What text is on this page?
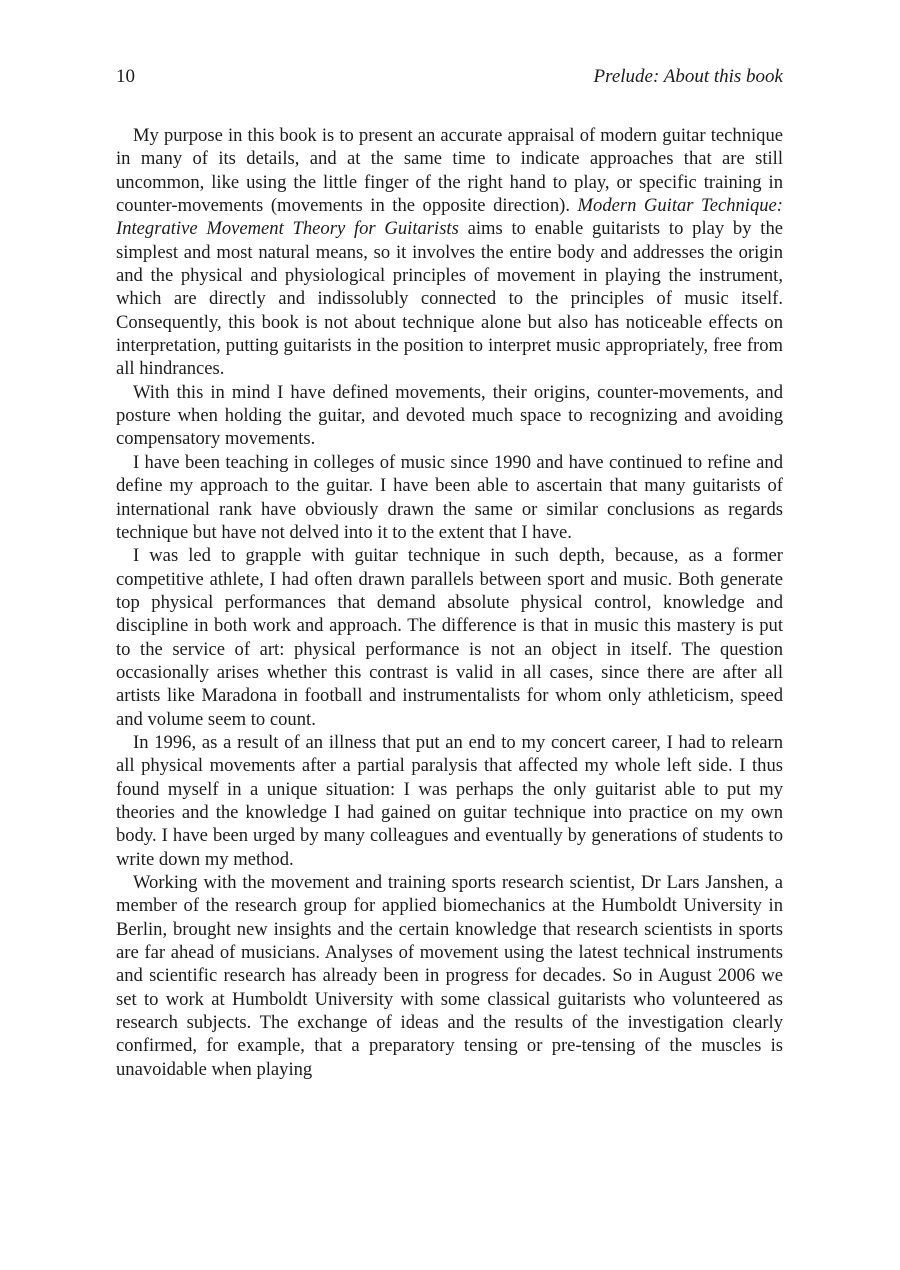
10	Prelude: About this book

My purpose in this book is to present an accurate appraisal of modern guitar technique in many of its details, and at the same time to indicate approaches that are still uncommon, like using the little finger of the right hand to play, or specific training in counter-movements (movements in the opposite direction). Modern Guitar Technique: Integrative Movement Theory for Guitarists aims to enable guitarists to play by the simplest and most natural means, so it involves the entire body and addresses the origin and the physical and physiological principles of movement in playing the instrument, which are directly and indissolubly connected to the principles of music itself. Consequently, this book is not about technique alone but also has noticeable effects on interpretation, putting guitarists in the position to interpret music appropriately, free from all hindrances.

With this in mind I have defined movements, their origins, counter-movements, and posture when holding the guitar, and devoted much space to recognizing and avoiding compensatory movements.

I have been teaching in colleges of music since 1990 and have continued to refine and define my approach to the guitar. I have been able to ascertain that many guitarists of international rank have obviously drawn the same or similar conclusions as regards technique but have not delved into it to the extent that I have.

I was led to grapple with guitar technique in such depth, because, as a former competitive athlete, I had often drawn parallels between sport and music. Both generate top physical performances that demand absolute physical control, knowledge and discipline in both work and approach. The difference is that in music this mastery is put to the service of art: physical performance is not an object in itself. The question occasionally arises whether this contrast is valid in all cases, since there are after all artists like Maradona in football and instrumentalists for whom only athleticism, speed and volume seem to count.

In 1996, as a result of an illness that put an end to my concert career, I had to relearn all physical movements after a partial paralysis that affected my whole left side. I thus found myself in a unique situation: I was perhaps the only guitarist able to put my theories and the knowledge I had gained on guitar technique into practice on my own body. I have been urged by many colleagues and eventually by generations of students to write down my method.

Working with the movement and training sports research scientist, Dr Lars Janshen, a member of the research group for applied biomechanics at the Humboldt University in Berlin, brought new insights and the certain knowledge that research scientists in sports are far ahead of musicians. Analyses of movement using the latest technical instruments and scientific research has already been in progress for decades. So in August 2006 we set to work at Humboldt University with some classical guitarists who volunteered as research subjects. The exchange of ideas and the results of the investigation clearly confirmed, for example, that a preparatory tensing or pre-tensing of the muscles is unavoidable when playing
